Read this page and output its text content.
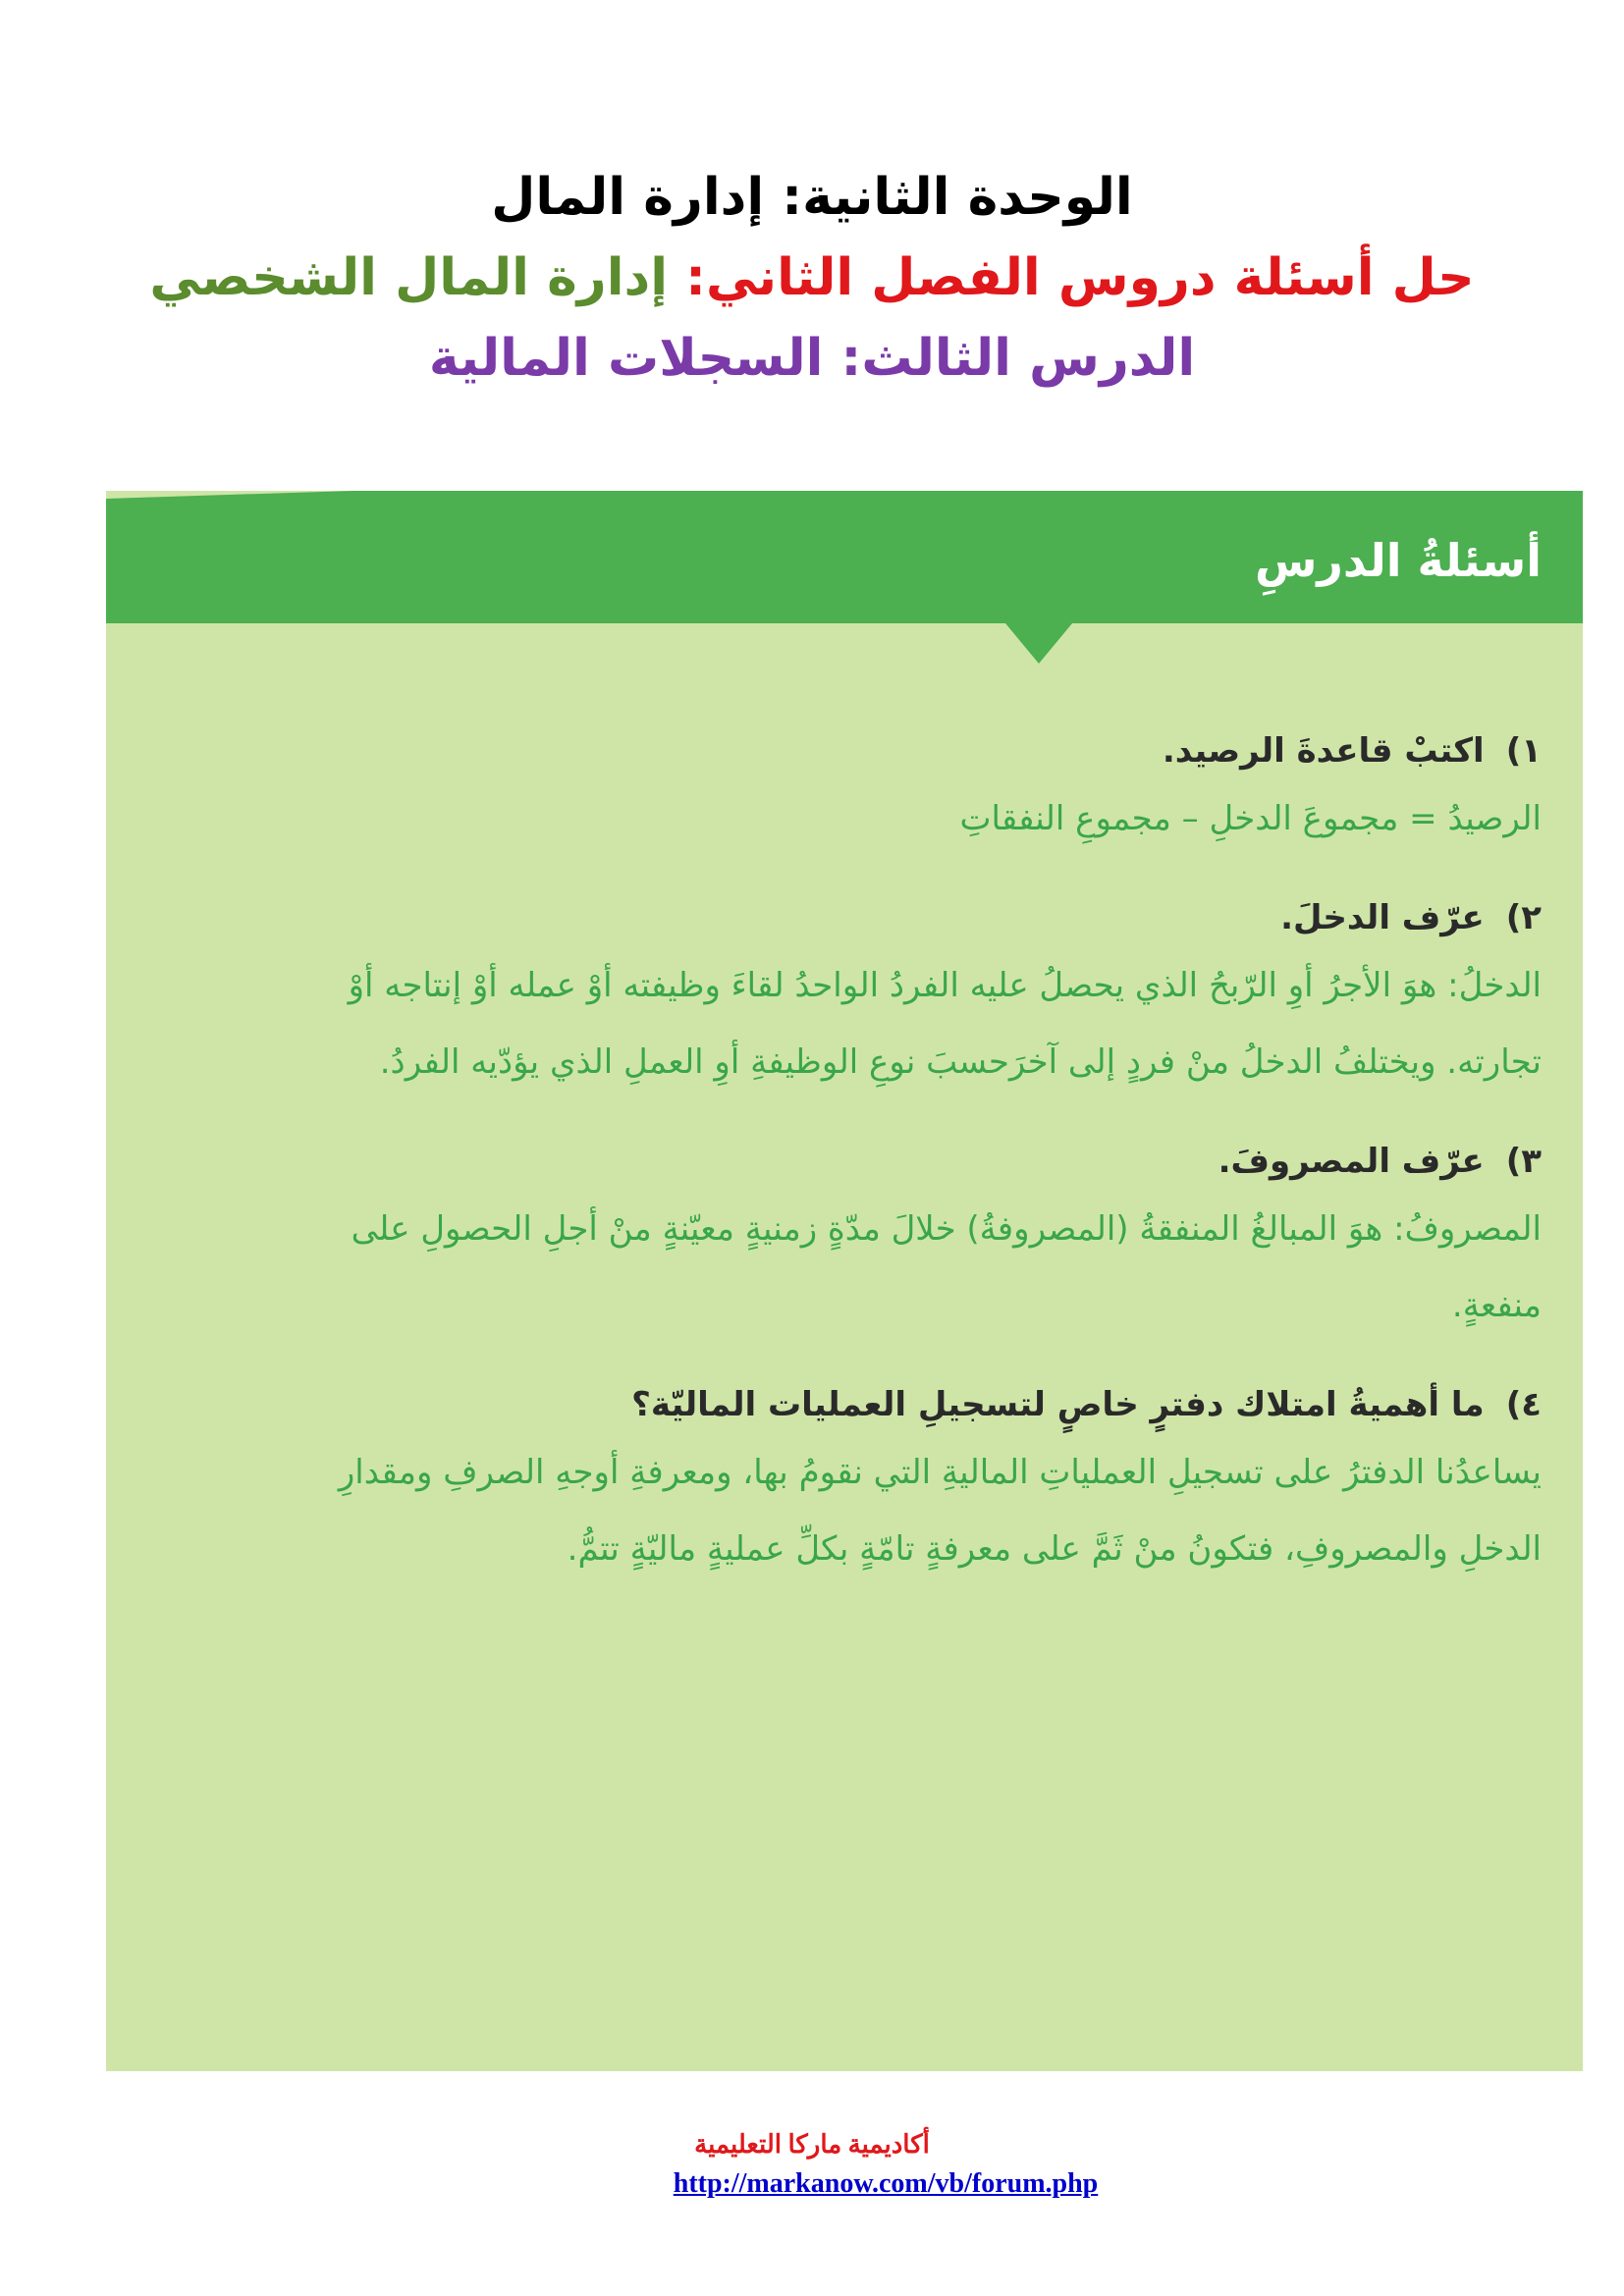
الوحدة الثانية: إدارة المال
حل أسئلة دروس الفصل الثاني: إدارة المال الشخصي
الدرس الثالث: السجلات المالية
أسئلةُ الدرسِ
١)اكتبْ قاعدةَ الرصيد.
الرصيدُ = مجموعَ الدخلِ – مجموعِ النفقاتِ
٢)عرّف الدخلَ.
الدخلُ: هوَ الأجرُ أوِ الرّبحُ الذي يحصلُ عليه الفردُ الواحدُ لقاءَ وظيفته أوْ عمله أوْ إنتاجه أوْ تجارته. ويختلفُ الدخلُ منْ فردٍ إلى آخرَحسبَ نوعِ الوظيفةِ أوِ العملِ الذي يؤدّيه الفردُ.
٣)عرّف المصروفَ.
المصروفُ: هوَ المبالغُ المنفقةُ (المصروفةُ) خلالَ مدّةٍ زمنيةٍ معيّنةٍ منْ أجلِ الحصولِ على منفعةٍ.
٤)ما أهميةُ امتلاك دفترٍ خاصٍ لتسجيلِ العمليات الماليّة؟
يساعدُنا الدفترُ على تسجيلِ العملياتِ الماليةِ التي نقومُ بها، ومعرفةِ أوجهِ الصرفِ ومقدارِ الدخلِ والمصروفِ، فتكونُ منْ ثَمَّ على معرفةٍ تامّةٍ بكلِّ عمليةٍ ماليّةٍ تتمُّ.
أكاديمية ماركا التعليمية
http://markanow.com/vb/forum.php
